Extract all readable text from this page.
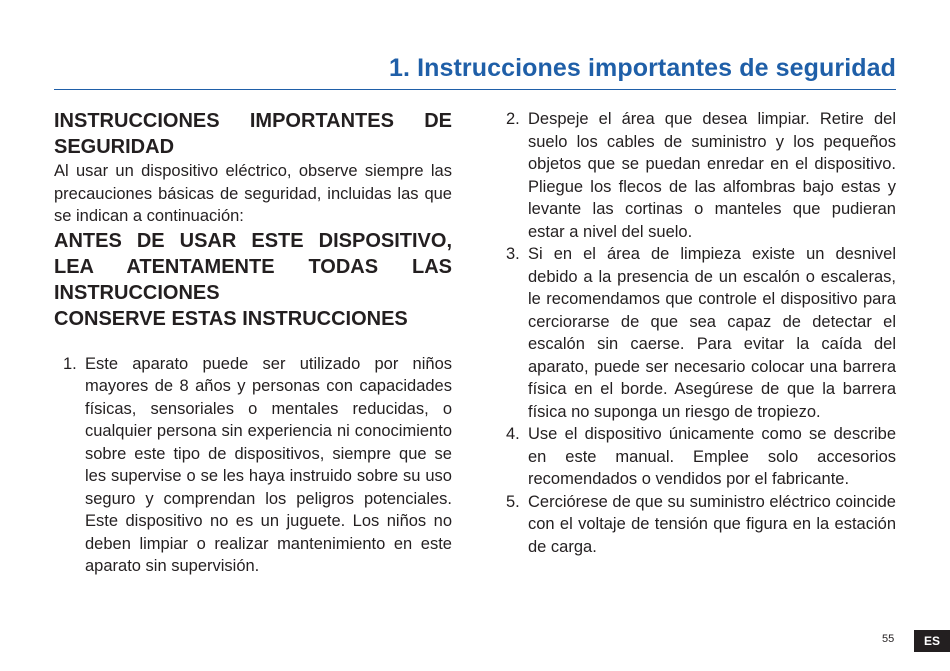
1. Instrucciones importantes de seguridad

INSTRUCCIONES IMPORTANTES DE SEGURIDAD

Al usar un dispositivo eléctrico, observe siempre las precauciones básicas de seguridad, incluidas las que se indican a continuación:

ANTES DE USAR ESTE DISPOSITIVO,

LEA ATENTAMENTE TODAS LAS

INSTRUCCIONES

CONSERVE ESTAS INSTRUCCIONES

1. Este aparato puede ser utilizado por niños mayores de 8 años y personas con capacidades físicas, sensoriales o mentales reducidas, o cualquier persona sin experiencia ni conocimiento sobre este tipo de dispositivos, siempre que se les supervise o se les haya instruido sobre su uso seguro y comprendan los peligros potenciales. Este dispositivo no es un juguete. Los niños no deben limpiar o realizar mantenimiento en este aparato sin supervisión.
2. Despeje el área que desea limpiar. Retire del suelo los cables de suministro y los pequeños objetos que se puedan enredar en el dispositivo. Pliegue los flecos de las alfombras bajo estas y levante las cortinas o manteles que pudieran estar a nivel del suelo.
3. Si en el área de limpieza existe un desnivel debido a la presencia de un escalón o escaleras, le recomendamos que controle el dispositivo para cerciorarse de que sea capaz de detectar el escalón sin caerse. Para evitar la caída del aparato, puede ser necesario colocar una barrera física en el borde. Asegúrese de que la barrera física no suponga un riesgo de tropiezo.
4. Use el dispositivo únicamente como se describe en este manual. Emplee solo accesorios recomendados o vendidos por el fabricante.
5. Cerciórese de que su suministro eléctrico coincide con el voltaje de tensión que figura en la estación de carga.
55	ES
